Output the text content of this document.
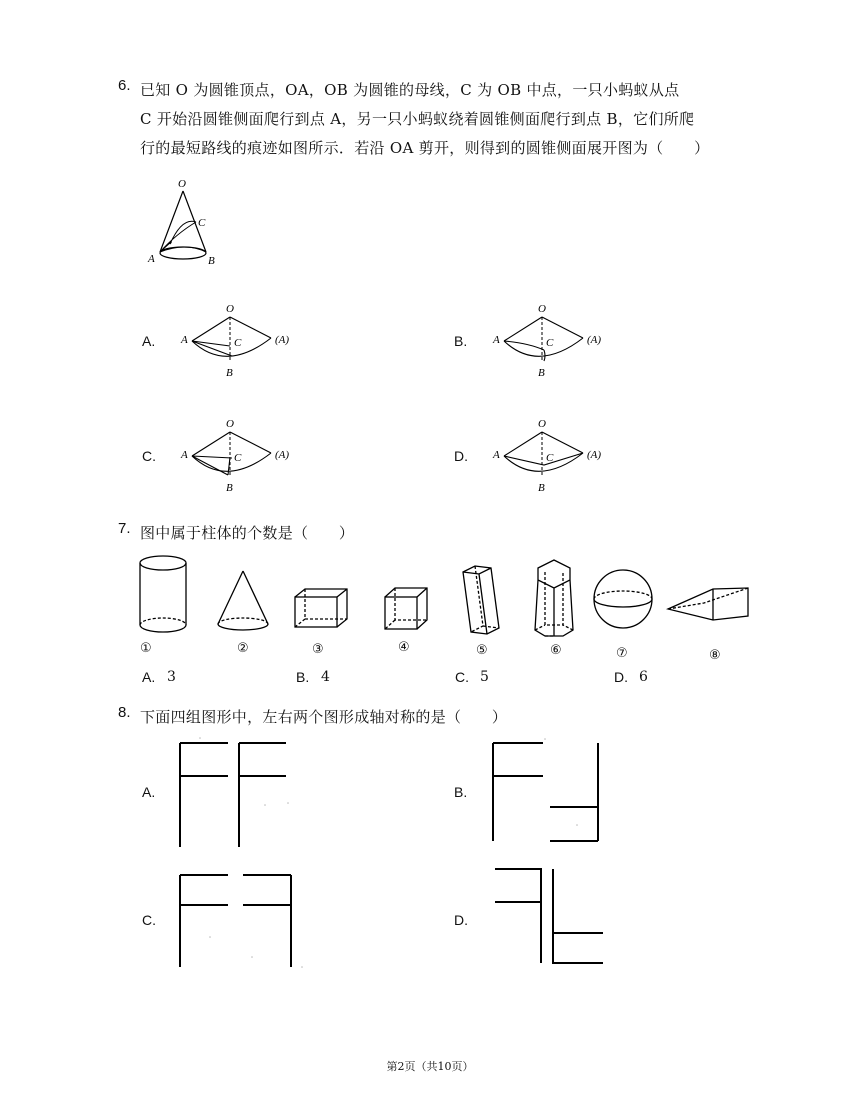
6. 已知 O 为圆锥顶点，OA，OB 为圆锥的母线，C 为 OB 中点，一只小蚂蚁从点
C 开始沿圆锥侧面爬行到点 A，另一只小蚂蚁绕着圆锥侧面爬行到点 B，它们所爬
行的最短路线的痕迹如图所示．若沿 OA 剪开，则得到的圆锥侧面展开图为（　　）
O
C
A	B
A.
O
A	(A)
B
C	B.
O
A	(A)
B
C
C.
O
A	(A)
B
C	D.
O
A	(A)
B
C
7. 图中属于柱体的个数是（　　）
①	②	③	④	⑤	⑥	⑦	⑧
A. 3	B. 4	C. 5	D. 6
8. 下面四组图形中，左右两个图形成轴对称的是（　　）
A.	B.
C.	D.
第2页（共10页）
